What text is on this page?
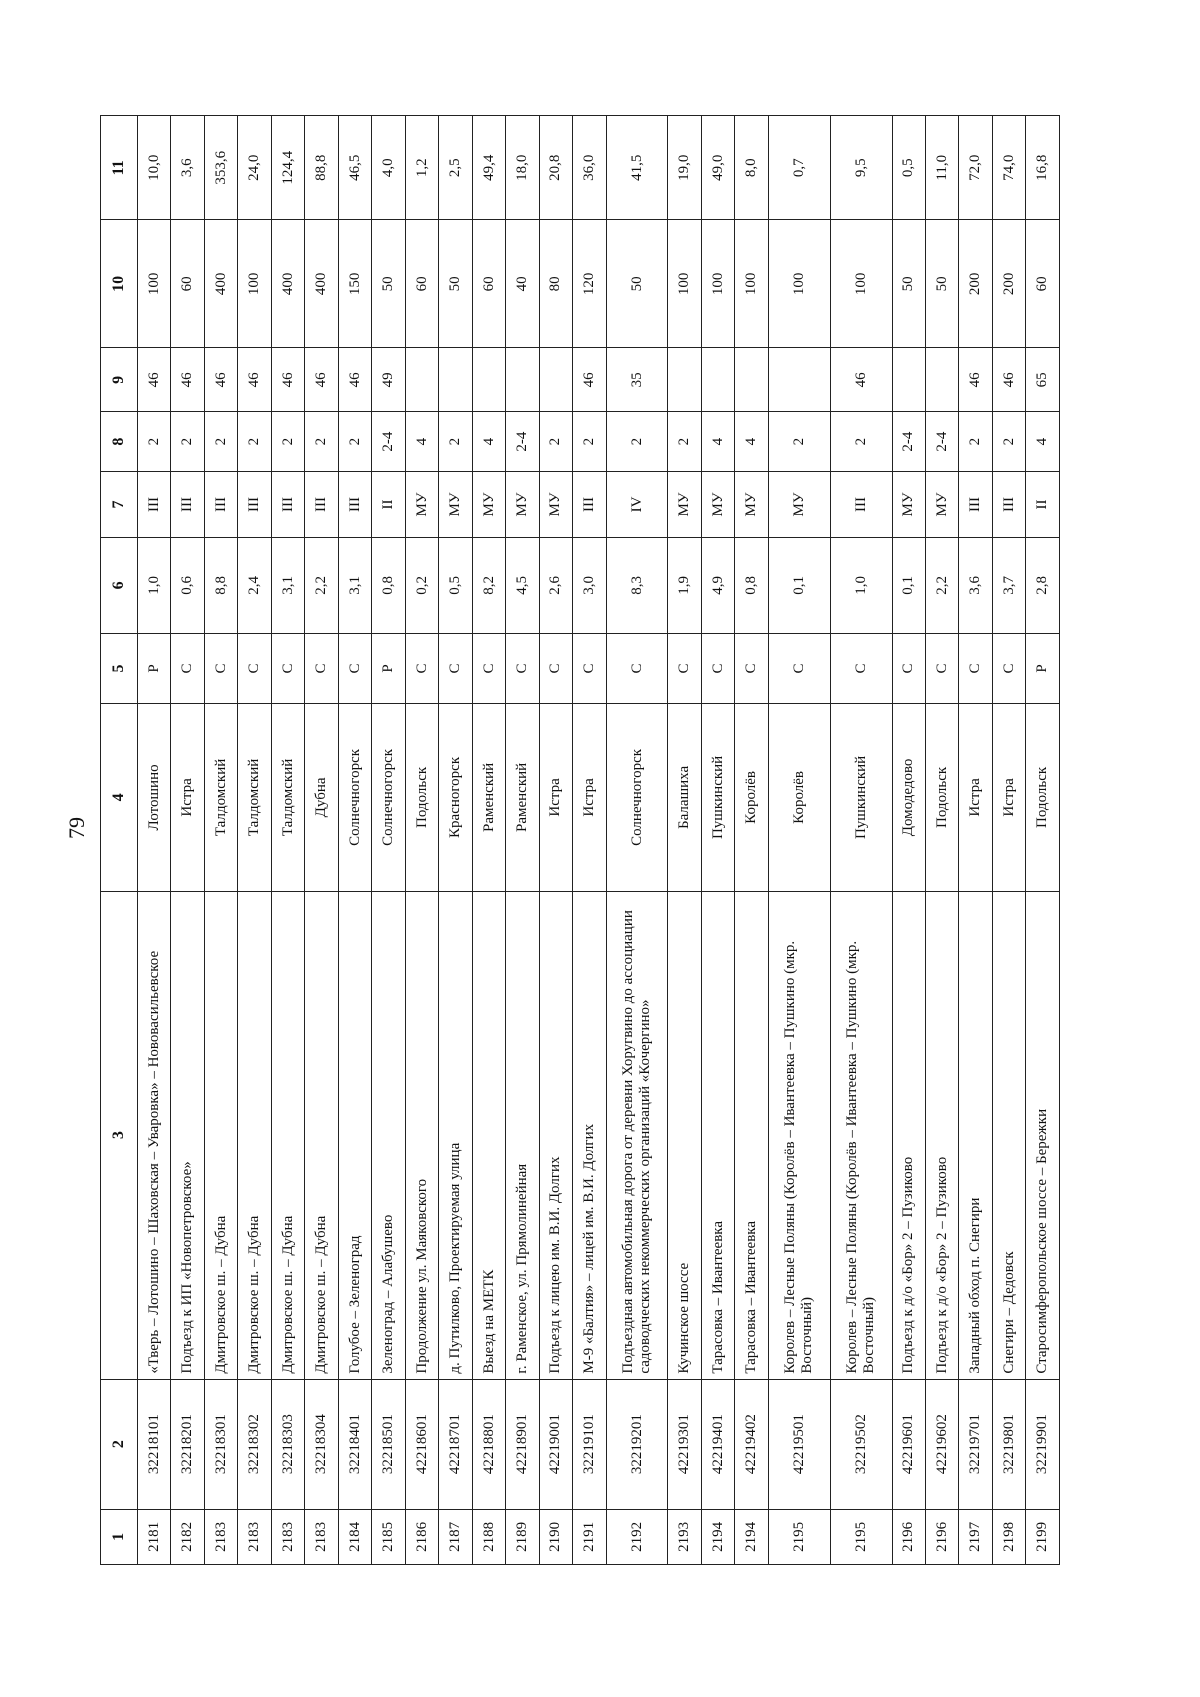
79
1	2	3	4	5	6	7	8	9	10	11
2181	32218101	«Тверь – Лотошино – Шаховская – Уваровка» – Нововасильевское	Лотошино	Р	1,0	III	2	46	100	10,0
2182	32218201	Подъезд к ИП «Новопетровское»	Истра	С	0,6	III	2	46	60	3,6
2183	32218301	Дмитровское ш. – Дубна	Талдомский	С	8,8	III	2	46	400	353,6
2183	32218302	Дмитровское ш. – Дубна	Талдомский	С	2,4	III	2	46	100	24,0
2183	32218303	Дмитровское ш. – Дубна	Талдомский	С	3,1	III	2	46	400	124,4
2183	32218304	Дмитровское ш. – Дубна	Дубна	С	2,2	III	2	46	400	88,8
2184	32218401	Голубое – Зеленоград	Солнечногорск	С	3,1	III	2	46	150	46,5
2185	32218501	Зеленоград – Алабушево	Солнечногорск	Р	0,8	II	2-4	49	50	4,0
2186	42218601	Продолжение ул. Маяковского	Подольск	С	0,2	МУ	4		60	1,2
2187	42218701	д. Путилково, Проектируемая улица	Красногорск	С	0,5	МУ	2		50	2,5
2188	42218801	Выезд на МЕТК	Раменский	С	8,2	МУ	4		60	49,4
2189	42218901	г. Раменское, ул. Прямолинейная	Раменский	С	4,5	МУ	2-4		40	18,0
2190	42219001	Подъезд к лицею им. В.И. Долгих	Истра	С	2,6	МУ	2		80	20,8
2191	32219101	М-9 «Балтия» – лицей им. В.И. Долгих	Истра	С	3,0	III	2	46	120	36,0
2192	32219201	Подъездная автомобильная дорога от деревни Хоругвино до ассоциации садоводческих некоммерческих организаций «Кочергино»	Солнечногорск	С	8,3	IV	2	35	50	41,5
2193	42219301	Кучинское шоссе	Балашиха	С	1,9	МУ	2		100	19,0
2194	42219401	Тарасовка – Ивантеевка	Пушкинский	С	4,9	МУ	4		100	49,0
2194	42219402	Тарасовка – Ивантеевка	Королёв	С	0,8	МУ	4		100	8,0
2195	42219501	Королев – Лесные Поляны (Королёв – Ивантеевка – Пушкино (мкр. Восточный)	Королёв	С	0,1	МУ	2		100	0,7
2195	32219502	Королев – Лесные Поляны (Королёв – Ивантеевка – Пушкино (мкр. Восточный)	Пушкинский	С	1,0	III	2	46	100	9,5
2196	42219601	Подъезд к д/о «Бор» 2 – Пузиково	Домодедово	С	0,1	МУ	2-4		50	0,5
2196	42219602	Подъезд к д/о «Бор» 2 – Пузиково	Подольск	С	2,2	МУ	2-4		50	11,0
2197	32219701	Западный обход п. Снегири	Истра	С	3,6	III	2	46	200	72,0
2198	32219801	Снегири – Дедовск	Истра	С	3,7	III	2	46	200	74,0
2199	32219901	Старосимферопольское шоссе – Бережки	Подольск	Р	2,8	II	4	65	60	16,8
